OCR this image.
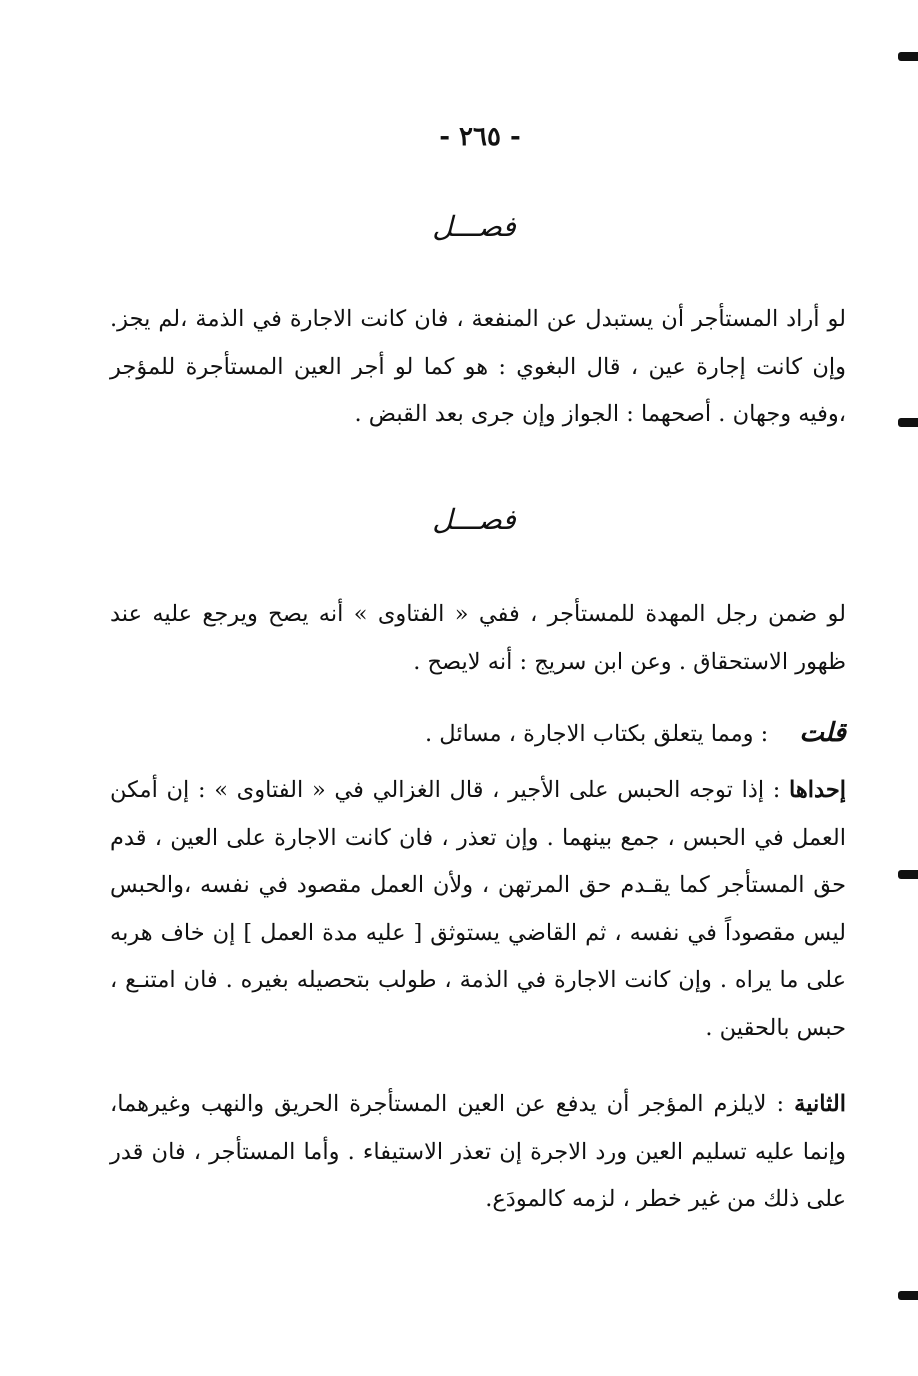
- ٢٦٥ -
فصـــل
لو أراد المستأجر أن يستبدل عن المنفعة ، فان كانت الاجارة في الذمة ،لم يجز. وإن كانت إجارة عين ، قال البغوي : هو كما لو أجر العين المستأجرة للمؤجر ،وفيه وجهان . أصحهما : الجواز وإن جرى بعد القبض .
فصـــل
لو ضمن رجل المهدة للمستأجر ، ففي « الفتاوى » أنه يصح ويرجع عليه عند ظهور الاستحقاق . وعن ابن سريج : أنه لايصح .
قلت : ومما يتعلق بكتاب الاجارة ، مسائل .
إحداها : إذا توجه الحبس على الأجير ، قال الغزالي في « الفتاوى » : إن أمكن العمل في الحبس ، جمع بينهما . وإن تعذر ، فان كانت الاجارة على العين ، قدم حق المستأجر كما يقـدم حق المرتهن ، ولأن العمل مقصود في نفسه ،والحبس ليس مقصوداً في نفسه ، ثم القاضي يستوثق [ عليه مدة العمل ] إن خاف هربه على ما يراه . وإن كانت الاجارة في الذمة ، طولب بتحصيله بغيره . فان امتنـع ، حبس بالحقين .
الثانية : لايلزم المؤجر أن يدفع عن العين المستأجرة الحريق والنهب وغيرهما، وإنما عليه تسليم العين ورد الاجرة إن تعذر الاستيفاء . وأما المستأجر ، فان قدر على ذلك من غير خطر ، لزمه كالمودَع.
